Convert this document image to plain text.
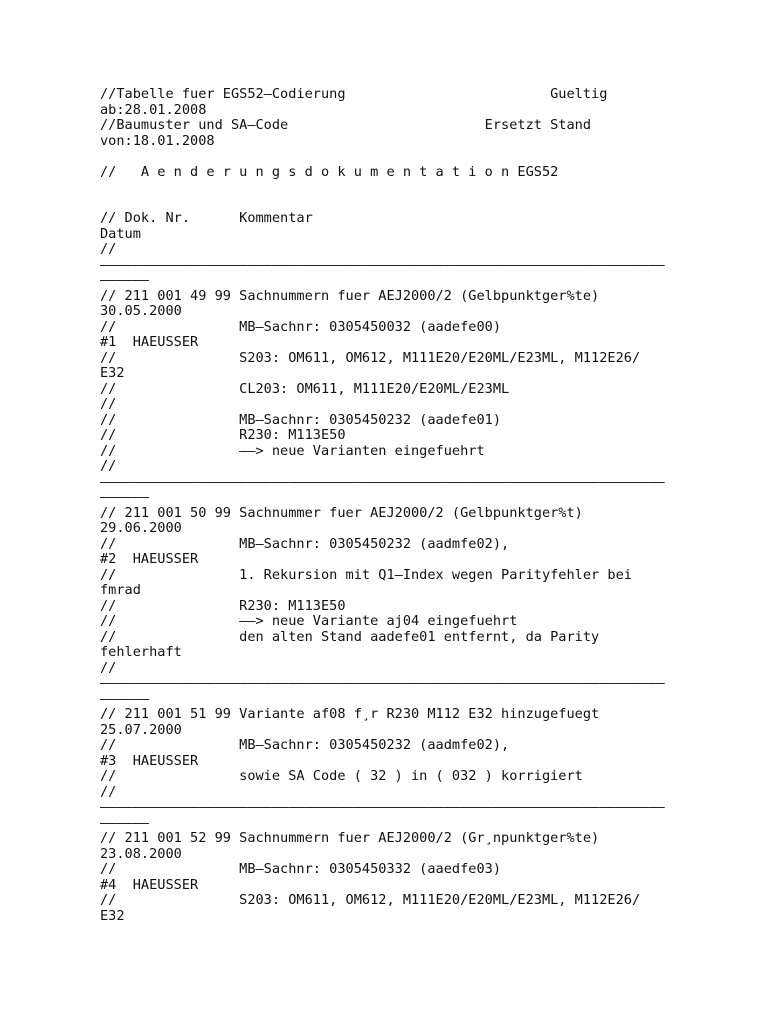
//Tabelle fuer EGS52–Codierung                         Gueltig
ab:28.01.2008
//Baumuster und SA–Code                        Ersetzt Stand
von:18.01.2008
//   A e n d e r u n g s d o k u m e n t a t i o n EGS52
// Dok. Nr.      Kommentar
Datum
//
–––––––––––––––––––––––––––––––––––––––––––––––––––––––––––––––––––––
––––––
// 211 001 49 99 Sachnummern fuer AEJ2000/2 (Gelbpunktger%te)
30.05.2000
//               MB–Sachnr: 0305450032 (aadefe00)
#1  HAEUSSER
//               S203: OM611, OM612, M111E20/E20ML/E23ML, M112E26/
E32
//               CL203: OM611, M111E20/E20ML/E23ML
//
//               MB–Sachnr: 0305450232 (aadefe01)
//               R230: M113E50
//               ––> neue Varianten eingefuehrt
//
–––––––––––––––––––––––––––––––––––––––––––––––––––––––––––––––––––––
––––––
// 211 001 50 99 Sachnummer fuer AEJ2000/2 (Gelbpunktger%t)
29.06.2000
//               MB–Sachnr: 0305450232 (aadmfe02),
#2  HAEUSSER
//               1. Rekursion mit Q1–Index wegen Parityfehler bei
fmrad
//               R230: M113E50
//               ––> neue Variante aj04 eingefuehrt
//               den alten Stand aadefe01 entfernt, da Parity
fehlerhaft
//
–––––––––––––––––––––––––––––––––––––––––––––––––––––––––––––––––––––
––––––
// 211 001 51 99 Variante af08 f¸r R230 M112 E32 hinzugefuegt
25.07.2000
//               MB–Sachnr: 0305450232 (aadmfe02),
#3  HAEUSSER
//               sowie SA Code ( 32 ) in ( 032 ) korrigiert
//
–––––––––––––––––––––––––––––––––––––––––––––––––––––––––––––––––––––
––––––
// 211 001 52 99 Sachnummern fuer AEJ2000/2 (Gr¸npunktger%te)
23.08.2000
//               MB–Sachnr: 0305450332 (aaedfe03)
#4  HAEUSSER
//               S203: OM611, OM612, M111E20/E20ML/E23ML, M112E26/
E32
